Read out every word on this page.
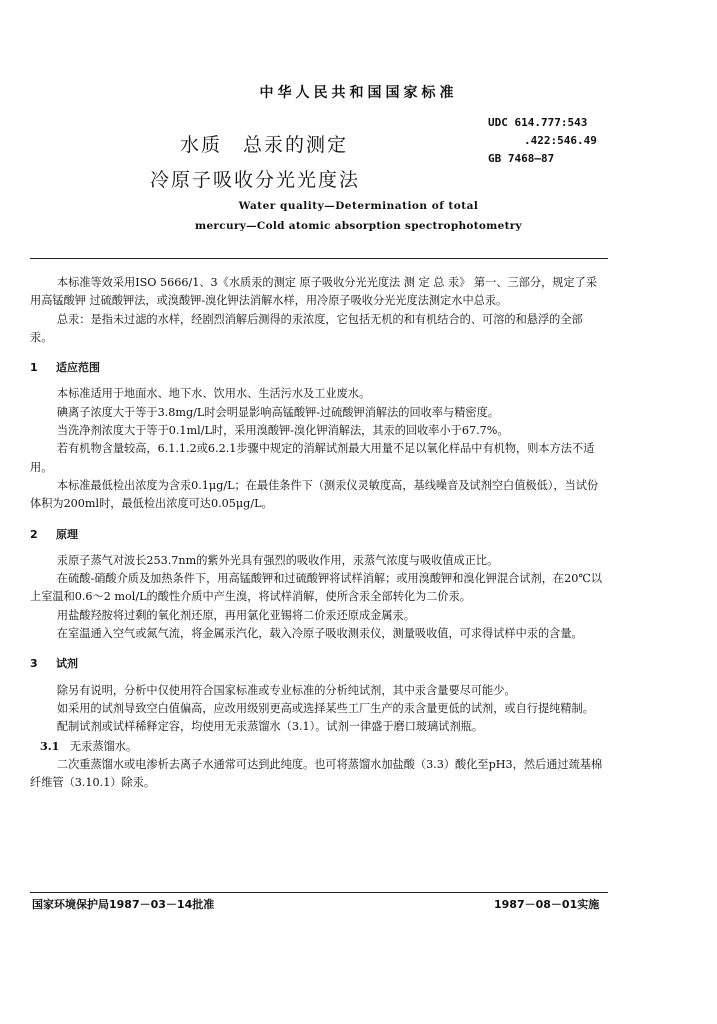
中华人民共和国国家标准
水质　总汞的测定
冷原子吸收分光光度法
UDC 614.777:543
.422:546.49
GB 7468—87
Water quality—Determination of total
mercury—Cold atomic absorption spectrophotometry

本标准等效采用ISO 5666/1、3《水质汞的测定 原子吸收分光光度法 测 定 总 汞》 第一、三部分，规定了采用高锰酸钾 过硫酸钾法，或溴酸钾-溴化钾法消解水样，用冷原子吸收分光光度法测定水中总汞。

总汞：是指未过滤的水样，经剧烈消解后测得的汞浓度，它包括无机的和有机结合的、可溶的和悬浮的全部汞。

1 适应范围

本标准适用于地面水、地下水、饮用水、生活污水及工业废水。

碘离子浓度大于等于3.8mg/L时会明显影响高锰酸钾-过硫酸钾消解法的回收率与精密度。

当洗净剂浓度大于等于0.1ml/L时，采用溴酸钾-溴化钾消解法，其汞的回收率小于67.7%。

若有机物含量较高，6.1.1.2或6.2.1步骤中规定的消解试剂最大用量不足以氧化样品中有机物，则本方法不适用。

本标准最低检出浓度为含汞0.1μg/L；在最佳条件下（测汞仪灵敏度高，基线噪音及试剂空白值极低），当试份体积为200ml时，最低检出浓度可达0.05μg/L。

2 原理

汞原子蒸气对波长253.7nm的紫外光具有强烈的吸收作用，汞蒸气浓度与吸收值成正比。

在硫酸-硝酸介质及加热条件下，用高锰酸钾和过硫酸钾将试样消解；或用溴酸钾和溴化钾混合试剂，在20℃以上室温和0.6～2 mol/L的酸性介质中产生溴，将试样消解，使所含汞全部转化为二价汞。

用盐酸羟胺将过剩的氧化剂还原，再用氯化亚锡将二价汞还原成金属汞。

在室温通入空气或氮气流，将金属汞汽化，载入冷原子吸收测汞仪，测量吸收值，可求得试样中汞的含量。

3 试剂

除另有说明，分析中仅使用符合国家标准或专业标准的分析纯试剂，其中汞含量要尽可能少。

如采用的试剂导致空白值偏高，应改用级别更高或选择某些工厂生产的汞含量更低的试剂，或自行提纯精制。

配制试剂或试样稀释定容，均使用无汞蒸馏水（3.1）。试剂一律盛于磨口玻璃试剂瓶。

3.1 无汞蒸馏水。

二次重蒸馏水或电渗析去离子水通常可达到此纯度。也可将蒸馏水加盐酸（3.3）酸化至pH3，然后通过巯基棉纤维管（3.10.1）除汞。

国家环境保护局1987－03－14批准	1987－08－01实施
